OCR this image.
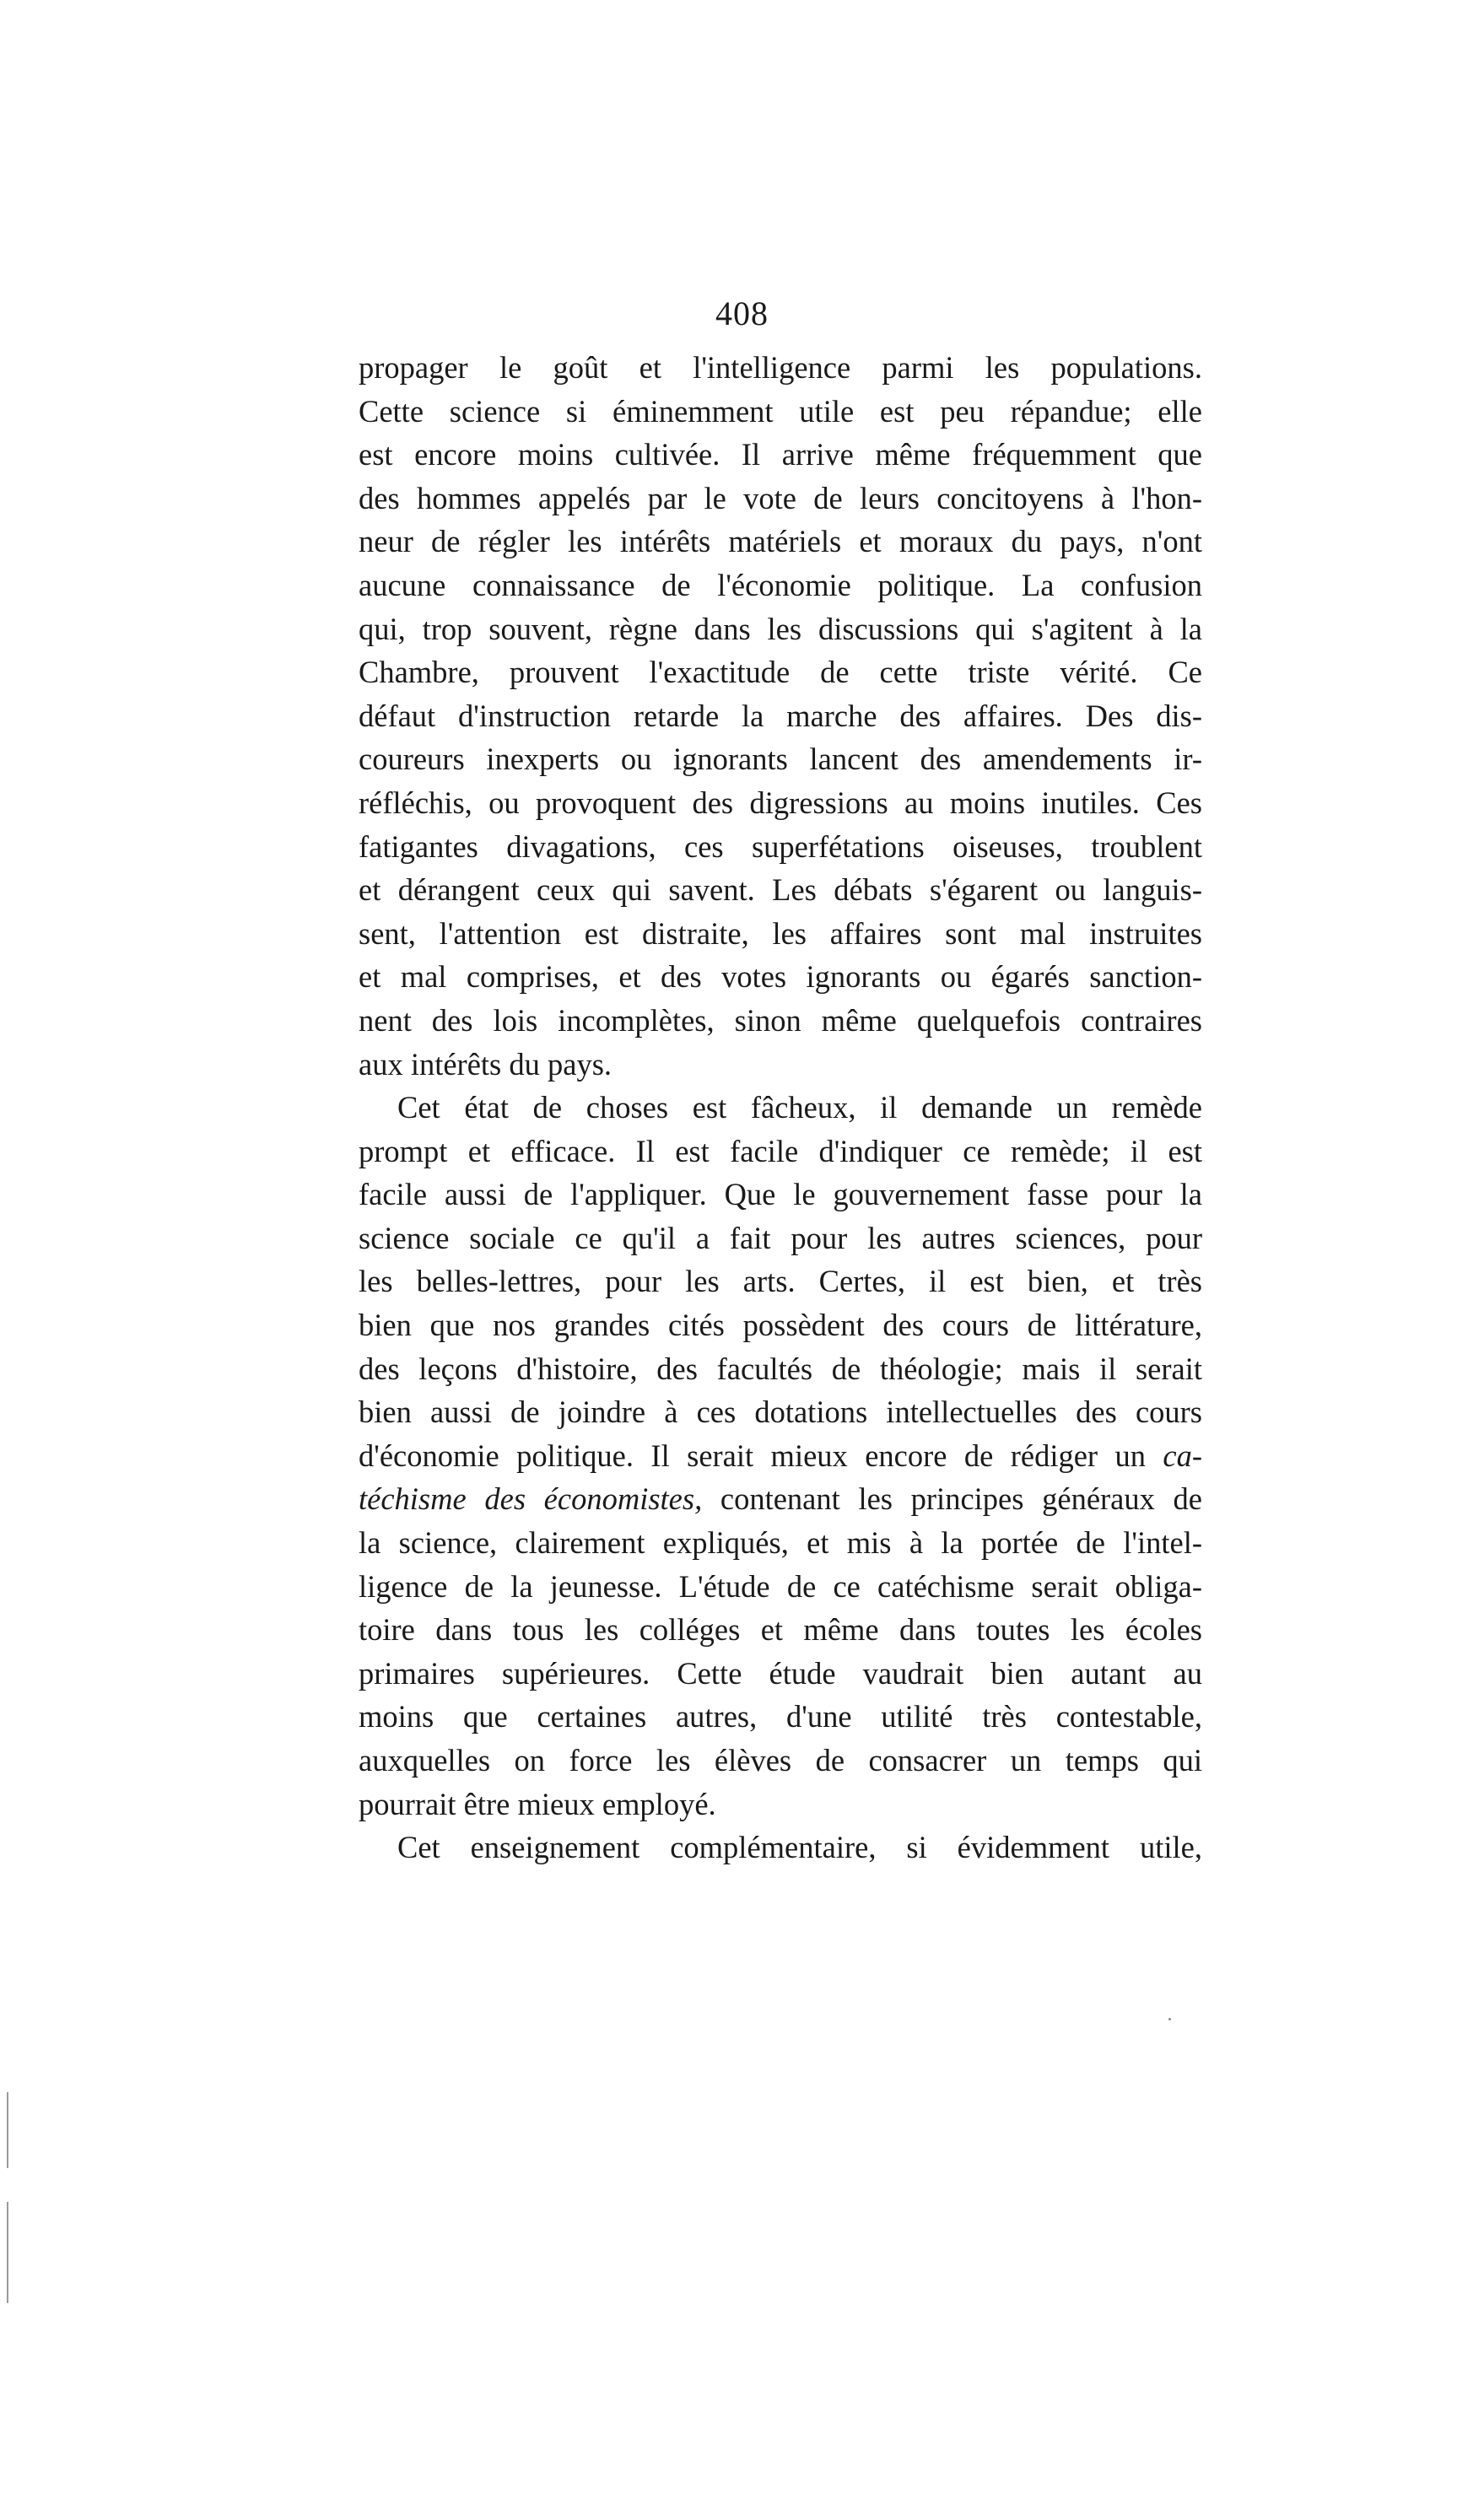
408
propager le goût et l'intelligence parmi les populations.
Cette science si éminemment utile est peu répandue; elle
est encore moins cultivée. Il arrive même fréquemment que
des hommes appelés par le vote de leurs concitoyens à l'hon-
neur de régler les intérêts matériels et moraux du pays, n'ont
aucune connaissance de l'économie politique. La confusion
qui, trop souvent, règne dans les discussions qui s'agitent à la
Chambre, prouvent l'exactitude de cette triste vérité. Ce
défaut d'instruction retarde la marche des affaires. Des dis-
coureurs inexperts ou ignorants lancent des amendements ir-
réfléchis, ou provoquent des digressions au moins inutiles. Ces
fatigantes divagations, ces superfétations oiseuses, troublent
et dérangent ceux qui savent. Les débats s'égarent ou languis-
sent, l'attention est distraite, les affaires sont mal instruites
et mal comprises, et des votes ignorants ou égarés sanction-
nent des lois incomplètes, sinon même quelquefois contraires
aux intérêts du pays.
Cet état de choses est fâcheux, il demande un remède
prompt et efficace. Il est facile d'indiquer ce remède; il est
facile aussi de l'appliquer. Que le gouvernement fasse pour la
science sociale ce qu'il a fait pour les autres sciences, pour
les belles-lettres, pour les arts. Certes, il est bien, et très
bien que nos grandes cités possèdent des cours de littérature,
des leçons d'histoire, des facultés de théologie; mais il serait
bien aussi de joindre à ces dotations intellectuelles des cours
d'économie politique. Il serait mieux encore de rédiger un ca-
téchisme des économistes, contenant les principes généraux de
la science, clairement expliqués, et mis à la portée de l'intel-
ligence de la jeunesse. L'étude de ce catéchisme serait obliga-
toire dans tous les colléges et même dans toutes les écoles
primaires supérieures. Cette étude vaudrait bien autant au
moins que certaines autres, d'une utilité très contestable,
auxquelles on force les élèves de consacrer un temps qui
pourrait être mieux employé.
Cet enseignement complémentaire, si évidemment utile,
